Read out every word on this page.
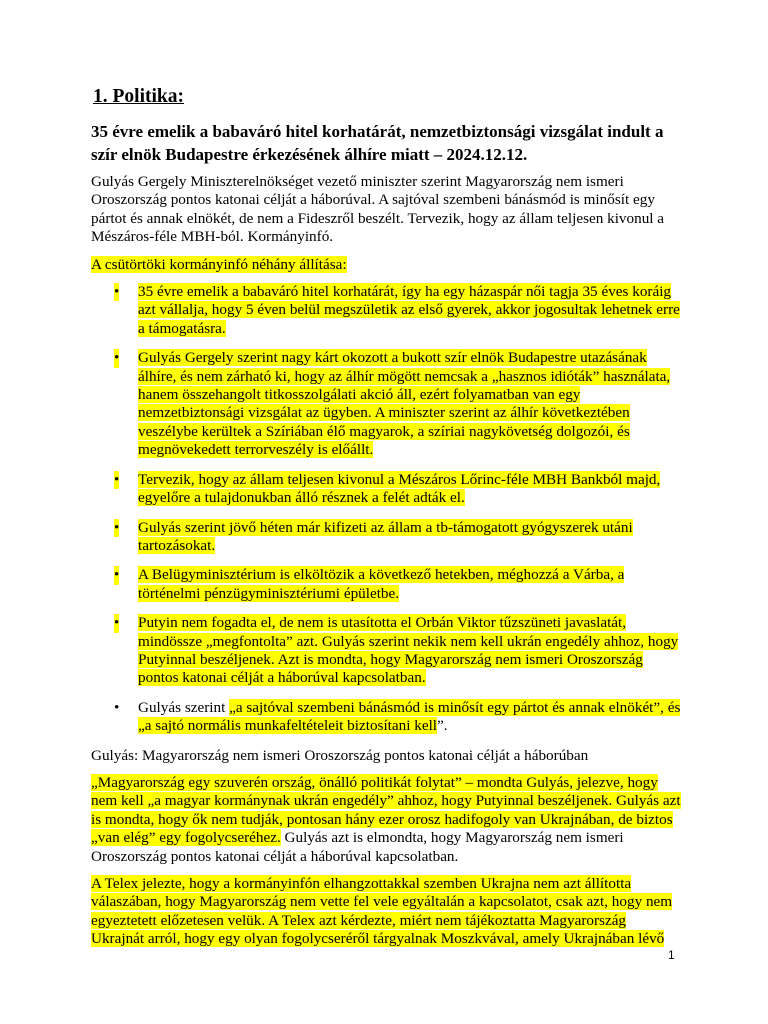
1. Politika:
35 évre emelik a babaváró hitel korhatárát, nemzetbiztonsági vizsgálat indult a szír elnök Budapestre érkezésének álhíre miatt – 2024.12.12.

Gulyás Gergely Miniszterelnökséget vezető miniszter szerint Magyarország nem ismeri Oroszország pontos katonai célját a háborúval. A sajtóval szembeni bánásmód is minősít egy pártot és annak elnökét, de nem a Fideszről beszélt. Tervezik, hogy az állam teljesen kivonul a Mészáros-féle MBH-ból. Kormányinfó.

A csütörtöki kormányinfó néhány állítása:

• 35 évre emelik a babaváró hitel korhatárát, így ha egy házaspár női tagja 35 éves koráig azt vállalja, hogy 5 éven belül megszületik az első gyerek, akkor jogosultak lehetnek erre a támogatásra.
• Gulyás Gergely szerint nagy kárt okozott a bukott szír elnök Budapestre utazásának álhíre, és nem zárható ki, hogy az álhír mögött nemcsak a „hasznos idióták” használata, hanem összehangolt titkosszolgálati akció áll, ezért folyamatban van egy nemzetbiztonsági vizsgálat az ügyben. A miniszter szerint az álhír következtében veszélybe kerültek a Szíriában élő magyarok, a szíriai nagykövetség dolgozói, és megnövekedett terrorveszély is előállt.
• Tervezik, hogy az állam teljesen kivonul a Mészáros Lőrinc-féle MBH Bankból majd, egyelőre a tulajdonukban álló résznek a felét adták el.
• Gulyás szerint jövő héten már kifizeti az állam a tb-támogatott gyógyszerek utáni tartozásokat.
• A Belügyminisztérium is elköltözik a következő hetekben, méghozzá a Várba, a történelmi pénzügyminisztériumi épületbe.
• Putyin nem fogadta el, de nem is utasította el Orbán Viktor tűzszüneti javaslatát, mindössze „megfontolta” azt. Gulyás szerint nekik nem kell ukrán engedély ahhoz, hogy Putyinnal beszéljenek. Azt is mondta, hogy Magyarország nem ismeri Oroszország pontos katonai célját a háborúval kapcsolatban.
• Gulyás szerint „a sajtóval szembeni bánásmód is minősít egy pártot és annak elnökét”, és „a sajtó normális munkafeltételeit biztosítani kell”.

Gulyás: Magyarország nem ismeri Oroszország pontos katonai célját a háborúban

„Magyarország egy szuverén ország, önálló politikát folytat” – mondta Gulyás, jelezve, hogy nem kell „a magyar kormánynak ukrán engedély” ahhoz, hogy Putyinnal beszéljenek. Gulyás azt is mondta, hogy ők nem tudják, pontosan hány ezer orosz hadifogoly van Ukrajnában, de biztos „van elég” egy fogolycseréhez. Gulyás azt is elmondta, hogy Magyarország nem ismeri Oroszország pontos katonai célját a háborúval kapcsolatban.

A Telex jelezte, hogy a kormányinfón elhangzottakkal szemben Ukrajna nem azt állította válaszában, hogy Magyarország nem vette fel vele egyáltalán a kapcsolatot, csak azt, hogy nem egyeztetett előzetesen velük. A Telex azt kérdezte, miért nem tájékoztatta Magyarország Ukrajnát arról, hogy egy olyan fogolycseréről tárgyalnak Moszkvával, amely Ukrajnában lévő

1
